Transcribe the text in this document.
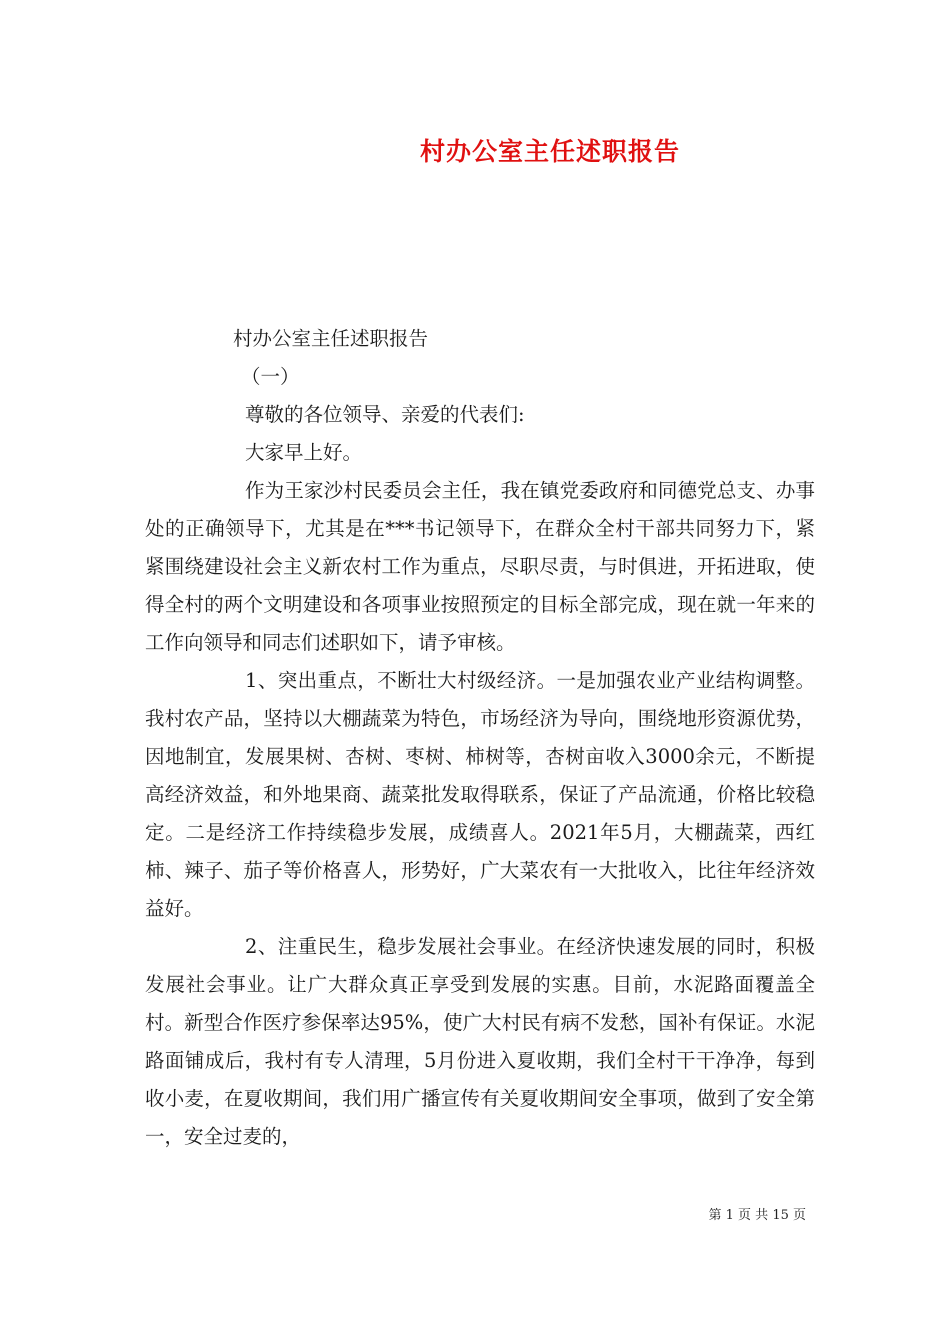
村办公室主任述职报告

村办公室主任述职报告

（一）

尊敬的各位领导、亲爱的代表们:

大家早上好。

作为王家沙村民委员会主任，我在镇党委政府和同德党总支、办事处的正确领导下，尤其是在***书记领导下，在群众全村干部共同努力下，紧紧围绕建设社会主义新农村工作为重点，尽职尽责，与时俱进，开拓进取，使得全村的两个文明建设和各项事业按照预定的目标全部完成，现在就一年来的工作向领导和同志们述职如下，请予审核。

1、突出重点，不断壮大村级经济。一是加强农业产业结构调整。我村农产品，坚持以大棚蔬菜为特色，市场经济为导向，围绕地形资源优势，因地制宜，发展果树、杏树、枣树、柿树等，杏树亩收入3000余元，不断提高经济效益，和外地果商、蔬菜批发取得联系，保证了产品流通，价格比较稳定。二是经济工作持续稳步发展，成绩喜人。2021年5月，大棚蔬菜，西红柿、辣子、茄子等价格喜人，形势好，广大菜农有一大批收入，比往年经济效益好。

2、注重民生，稳步发展社会事业。在经济快速发展的同时，积极发展社会事业。让广大群众真正享受到发展的实惠。目前，水泥路面覆盖全村。新型合作医疗参保率达95%，使广大村民有病不发愁，国补有保证。水泥路面铺成后，我村有专人清理，5月份进入夏收期，我们全村干干净净，每到收小麦，在夏收期间，我们用广播宣传有关夏收期间安全事项，做到了安全第一，安全过麦的，

第 1 页 共 15 页
